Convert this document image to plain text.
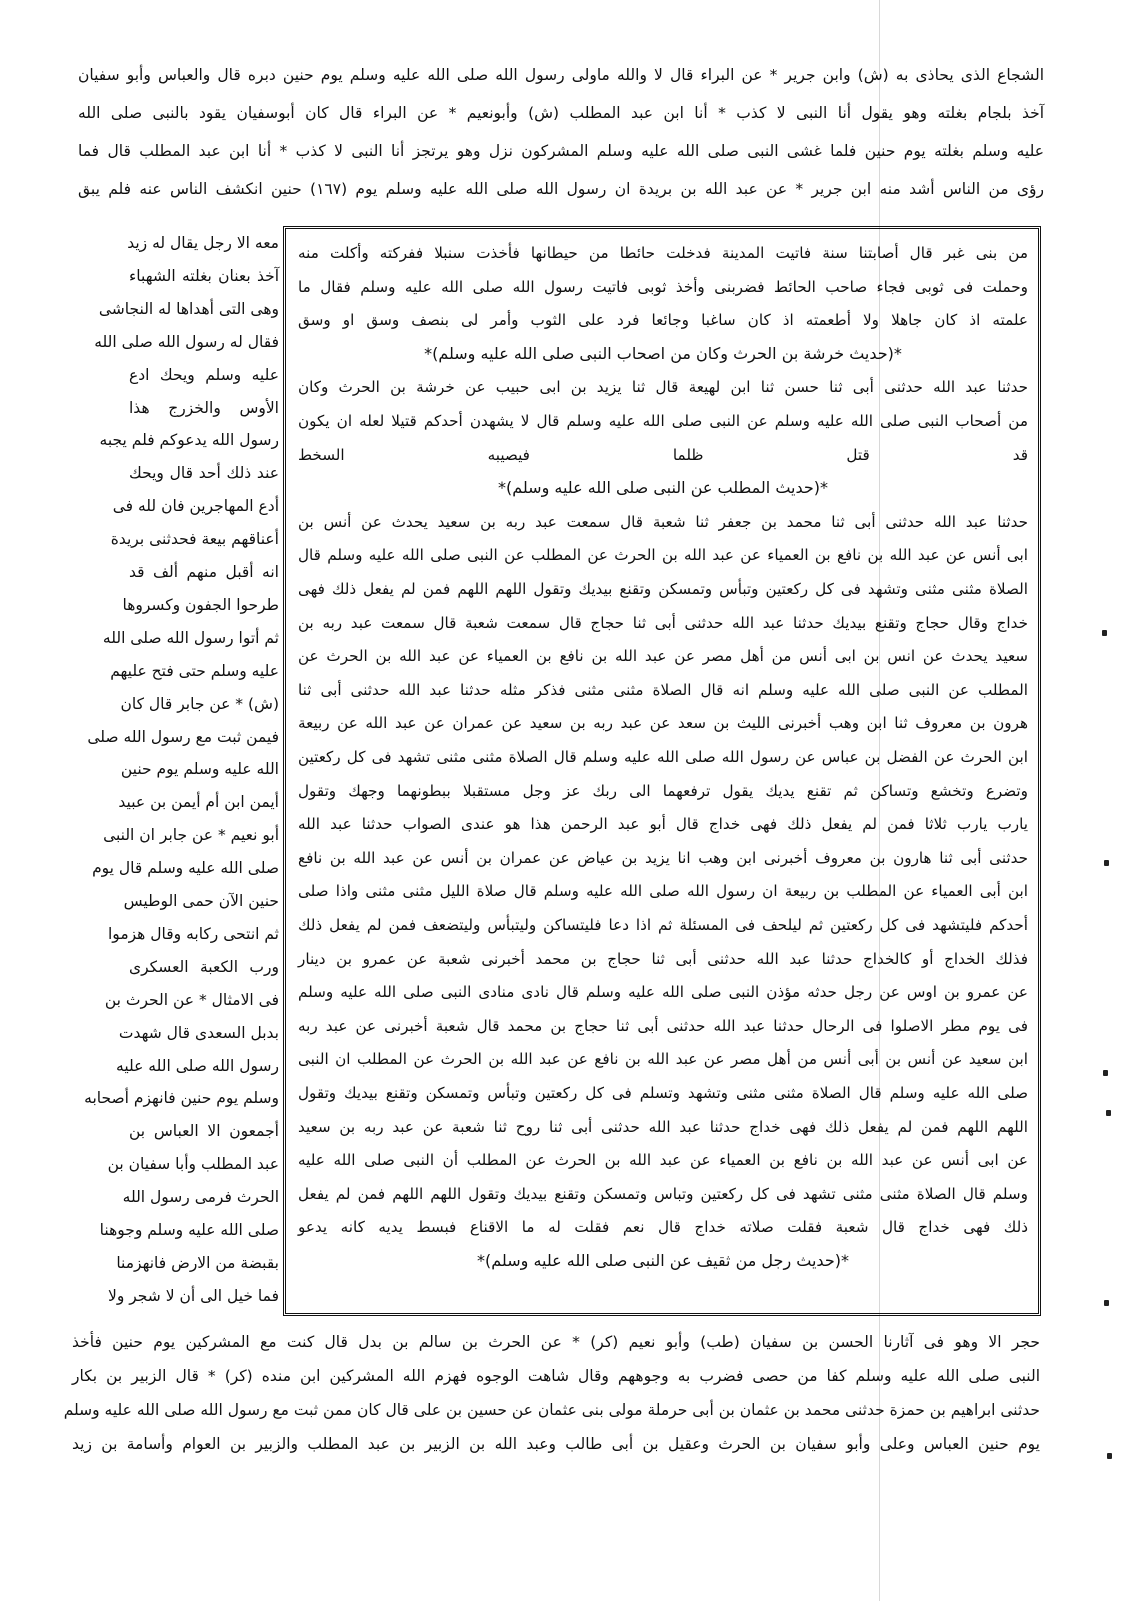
الشجاع الذى يحاذى به (ش) وابن جرير * عن البراء قال لا والله ماولى رسول الله صلى الله عليه وسلم يوم حنين دبره قال والعباس وأبو سفيان
آخذ بلجام بغلته وهو يقول أنا النبى لا كذب * أنا ابن عبد المطلب (ش) وأبونعيم * عن البراء قال كان أبوسفيان يقود بالنبى صلى الله
عليه وسلم بغلته يوم حنين فلما غشى النبى صلى الله عليه وسلم المشركون نزل وهو يرتجز أنا النبى لا كذب * أنا ابن عبد المطلب قال فما
رؤى من الناس أشد منه ابن جرير * عن عبد الله بن بريدة ان رسول الله صلى الله عليه وسلم يوم (١٦٧) حنين انكشف الناس عنه فلم يبق
من بنى غبر قال أصابتنا سنة فاتيت المدينة فدخلت حائطا من حيطانها فأخذت سنبلا ففركته وأكلت منه
وحملت فى ثوبى فجاء صاحب الحائط فضربنى وأخذ ثوبى فاتيت رسول الله صلى الله عليه وسلم فقال ما
علمته اذ كان جاهلا ولا أطعمته اذ كان ساغبا وجائعا فرد على الثوب وأمر لى بنصف وسق او وسق
*(حديث خرشة بن الحرث وكان من اصحاب النبى صلى الله عليه وسلم)*
حدثنا عبد الله حدثنى أبى ثنا حسن ثنا ابن لهيعة قال ثنا يزيد بن ابى حبيب عن خرشة بن الحرث وكان
من أصحاب النبى صلى الله عليه وسلم عن النبى صلى الله عليه وسلم قال لا يشهدن أحدكم قتيلا لعله ان يكون
قد قتل ظلما فيصيبه السخط
*(حديث المطلب عن النبى صلى الله عليه وسلم)*
حدثنا عبد الله حدثنى أبى ثنا محمد بن جعفر ثنا شعبة قال سمعت عبد ربه بن سعيد يحدث عن أنس بن
ابى أنس عن عبد الله بن نافع بن العمياء عن عبد الله بن الحرث عن المطلب عن النبى صلى الله عليه وسلم قال
الصلاة مثنى مثنى وتشهد فى كل ركعتين وتبأس وتمسكن وتقنع بيديك وتقول اللهم اللهم فمن لم يفعل ذلك فهى
خداج وقال حجاج وتقنع بيديك حدثنا عبد الله حدثنى أبى ثنا حجاج قال سمعت شعبة قال سمعت عبد ربه بن
سعيد يحدث عن انس بن ابى أنس من أهل مصر عن عبد الله بن نافع بن العمياء عن عبد الله بن الحرث عن
المطلب عن النبى صلى الله عليه وسلم انه قال الصلاة مثنى مثنى فذكر مثله حدثنا عبد الله حدثنى أبى ثنا
هرون بن معروف ثنا ابن وهب أخبرنى الليث بن سعد عن عبد ربه بن سعيد عن عمران عن عبد الله عن ربيعة
ابن الحرث عن الفضل بن عباس عن رسول الله صلى الله عليه وسلم قال الصلاة مثنى مثنى تشهد فى كل ركعتين
وتضرع وتخشع وتساكن ثم تقنع يديك يقول ترفعهما الى ربك عز وجل مستقبلا ببطونهما وجهك وتقول
يارب يارب ثلاثا فمن لم يفعل ذلك فهى خداج قال أبو عبد الرحمن هذا هو عندى الصواب حدثنا عبد الله
حدثنى أبى ثنا هارون بن معروف أخبرنى ابن وهب انا يزيد بن عياض عن عمران بن أنس عن عبد الله بن نافع
ابن أبى العمياء عن المطلب بن ربيعة ان رسول الله صلى الله عليه وسلم قال صلاة الليل مثنى مثنى واذا صلى
أحدكم فليتشهد فى كل ركعتين ثم ليلحف فى المسئلة ثم اذا دعا فليتساكن وليتبأس وليتضعف فمن لم يفعل ذلك
فذلك الخداج أو كالخداج حدثنا عبد الله حدثنى أبى ثنا حجاج بن محمد أخبرنى شعبة عن عمرو بن دينار
عن عمرو بن اوس عن رجل حدثه مؤذن النبى صلى الله عليه وسلم قال نادى منادى النبى صلى الله عليه وسلم
فى يوم مطر الاصلوا فى الرحال حدثنا عبد الله حدثنى أبى ثنا حجاج بن محمد قال شعبة أخبرنى عن عبد ربه
ابن سعيد عن أنس بن أبى أنس من أهل مصر عن عبد الله بن نافع عن عبد الله بن الحرث عن المطلب ان النبى
صلى الله عليه وسلم قال الصلاة مثنى مثنى وتشهد وتسلم فى كل ركعتين وتبأس وتمسكن وتقنع بيديك وتقول
اللهم اللهم فمن لم يفعل ذلك فهى خداج حدثنا عبد الله حدثنى أبى ثنا روح ثنا شعبة عن عبد ربه بن سعيد
عن ابى أنس عن عبد الله بن نافع بن العمياء عن عبد الله بن الحرث عن المطلب أن النبى صلى الله عليه
وسلم قال الصلاة مثنى مثنى تشهد فى كل ركعتين وتباس وتمسكن وتقنع بيديك وتقول اللهم اللهم فمن لم يفعل
ذلك فهى خداج قال شعبة فقلت صلاته خداج قال نعم فقلت له ما الاقناع فبسط يديه كانه يدعو
*(حديث رجل من ثقيف عن النبى صلى الله عليه وسلم)*
معه الا رجل يقال له زيد
آخذ بعنان بغلته الشهباء
وهى التى أهداها له النجاشى
فقال له رسول الله صلى الله
عليه وسلم ويحك ادع
الأوس والخزرج هذا
رسول الله يدعوكم فلم يجبه
عند ذلك أحد قال ويحك
أدع المهاجرين فان لله فى
أعناقهم بيعة فحدثنى بريدة
انه أقبل منهم ألف قد
طرحوا الجفون وكسروها
ثم أتوا رسول الله صلى الله
عليه وسلم حتى فتح عليهم
(ش) * عن جابر قال كان
فيمن ثبت مع رسول الله صلى
الله عليه وسلم يوم حنين
أيمن ابن أم أيمن بن عبيد
أبو نعيم * عن جابر ان النبى
صلى الله عليه وسلم قال يوم
حنين الآن حمى الوطيس
ثم انتحى ركابه وقال هزموا
ورب الكعبة العسكرى
فى الامثال * عن الحرث بن
بدبل السعدى قال شهدت
رسول الله صلى الله عليه
وسلم يوم حنين فانهزم أصحابه
أجمعون الا العباس بن
عبد المطلب وأبا سفيان بن
الحرث فرمى رسول الله
صلى الله عليه وسلم وجوهنا
بقبضة من الارض فانهزمنا
فما خيل الى أن لا شجر ولا
حجر الا وهو فى آثارنا الحسن بن سفيان (طب) وأبو نعيم (كر) * عن الحرث بن سالم بن بدل قال كنت مع المشركين يوم حنين فأخذ
النبى صلى الله عليه وسلم كفا من حصى فضرب به وجوههم وقال شاهت الوجوه فهزم الله المشركين ابن منده (كر) * قال الزبير بن بكار
حدثنى ابراهيم بن حمزة حدثنى محمد بن عثمان بن أبى حرملة مولى بنى عثمان عن حسين بن على قال كان ممن ثبت مع رسول الله صلى الله عليه وسلم
يوم حنين العباس وعلى وأبو سفيان بن الحرث وعقيل بن أبى طالب وعبد الله بن الزبير بن عبد المطلب والزبير بن العوام وأسامة بن زيد
